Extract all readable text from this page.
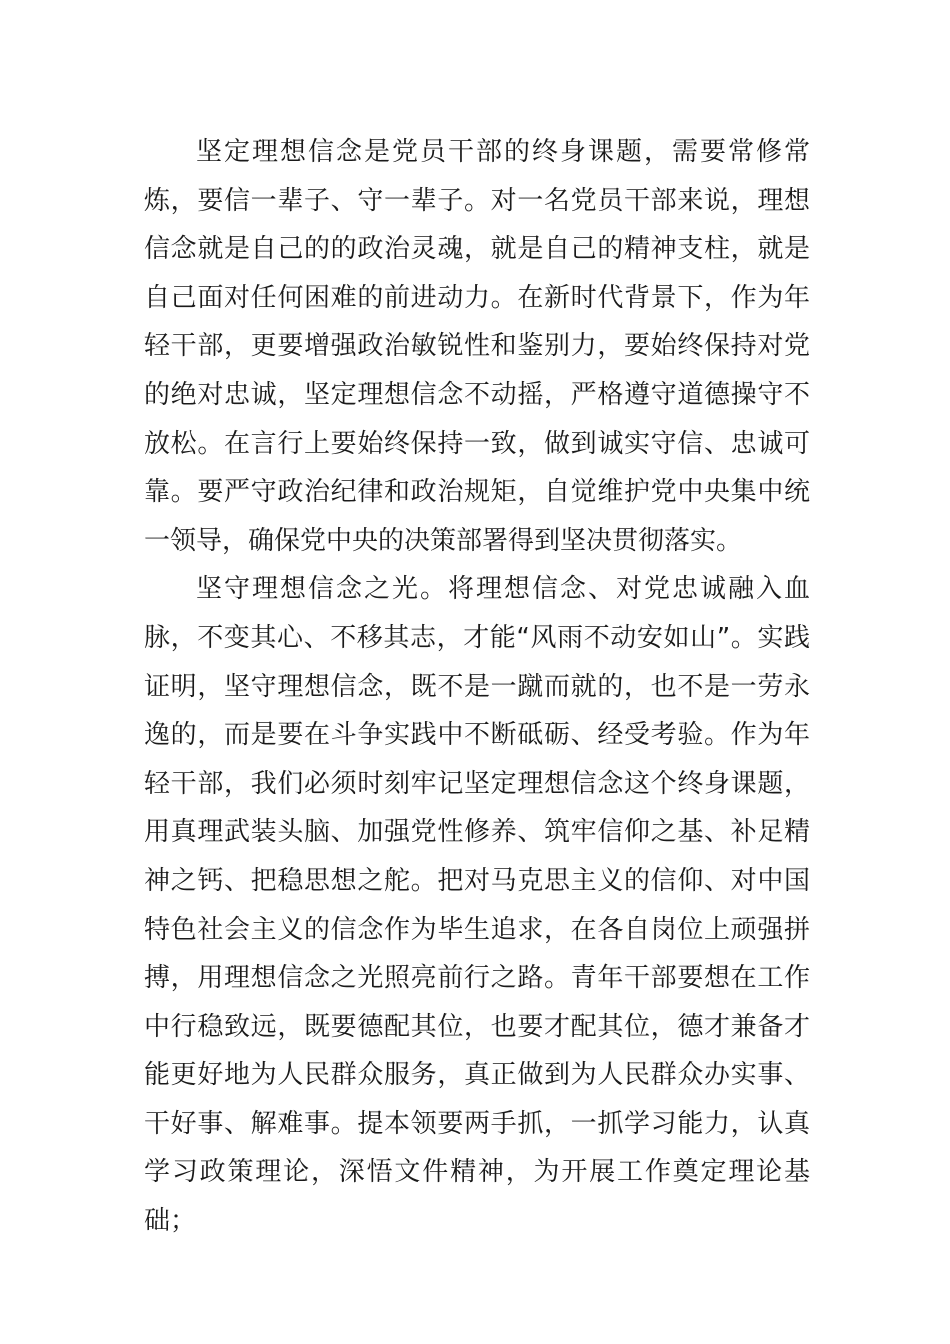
坚定理想信念是党员干部的终身课题，需要常修常炼，要信一辈子、守一辈子。对一名党员干部来说，理想信念就是自己的的政治灵魂，就是自己的精神支柱，就是自己面对任何困难的前进动力。在新时代背景下，作为年轻干部，更要增强政治敏锐性和鉴别力，要始终保持对党的绝对忠诚，坚定理想信念不动摇，严格遵守道德操守不放松。在言行上要始终保持一致，做到诚实守信、忠诚可靠。要严守政治纪律和政治规矩，自觉维护党中央集中统一领导，确保党中央的决策部署得到坚决贯彻落实。

坚守理想信念之光。将理想信念、对党忠诚融入血脉，不变其心、不移其志，才能“风雨不动安如山”。实践证明，坚守理想信念，既不是一蹴而就的，也不是一劳永逸的，而是要在斗争实践中不断砥砺、经受考验。作为年轻干部，我们必须时刻牢记坚定理想信念这个终身课题，用真理武装头脑、加强党性修养、筑牢信仰之基、补足精神之钙、把稳思想之舵。把对马克思主义的信仰、对中国特色社会主义的信念作为毕生追求，在各自岗位上顽强拼搏，用理想信念之光照亮前行之路。青年干部要想在工作中行稳致远，既要德配其位，也要才配其位，德才兼备才能更好地为人民群众服务，真正做到为人民群众办实事、干好事、解难事。提本领要两手抓，一抓学习能力，认真学习政策理论，深悟文件精神，为开展工作奠定理论基础；
